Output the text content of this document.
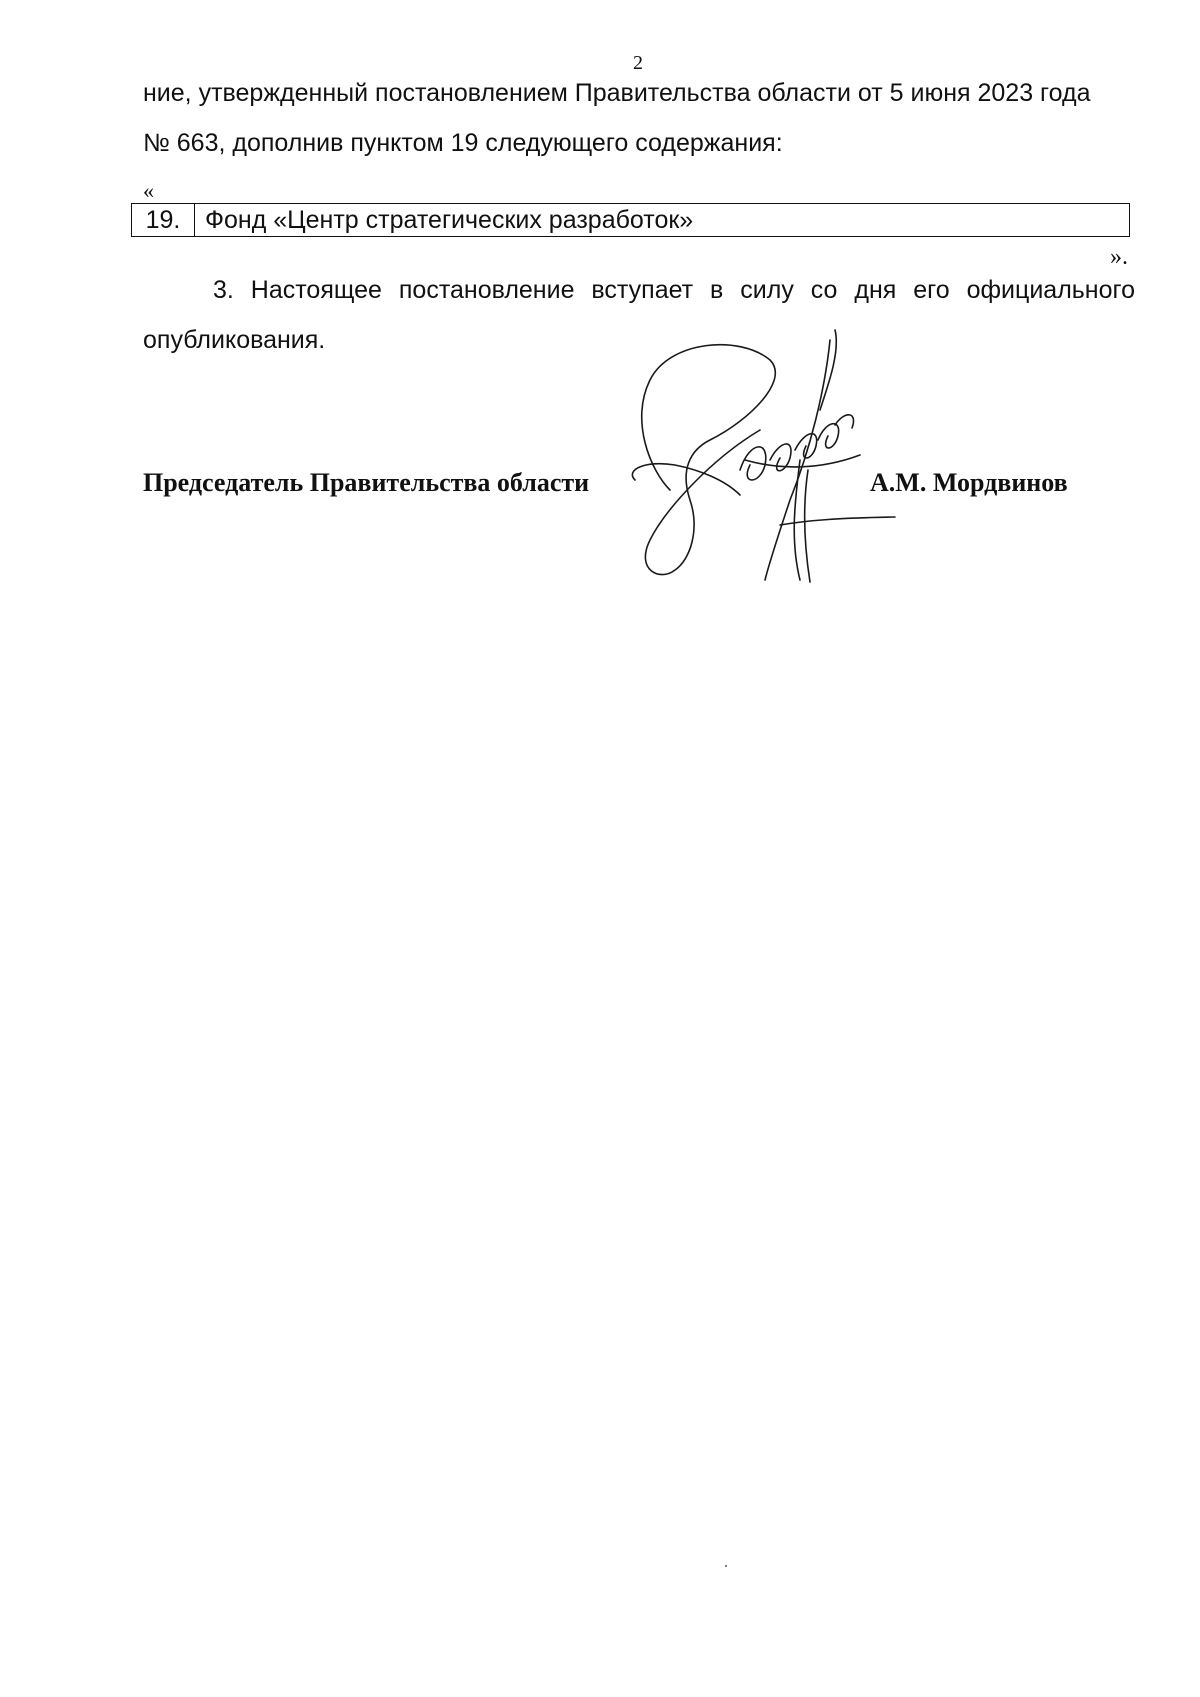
2
ние, утвержденный постановлением Правительства области от 5 июня 2023 года
№ 663, дополнив пунктом 19 следующего содержания:
«
19. Фонд «Центр стратегических разработок»
».
3. Настоящее постановление вступает в силу со дня его официального
опубликования.
Председатель Правительства области	А.М. Мордвинов
